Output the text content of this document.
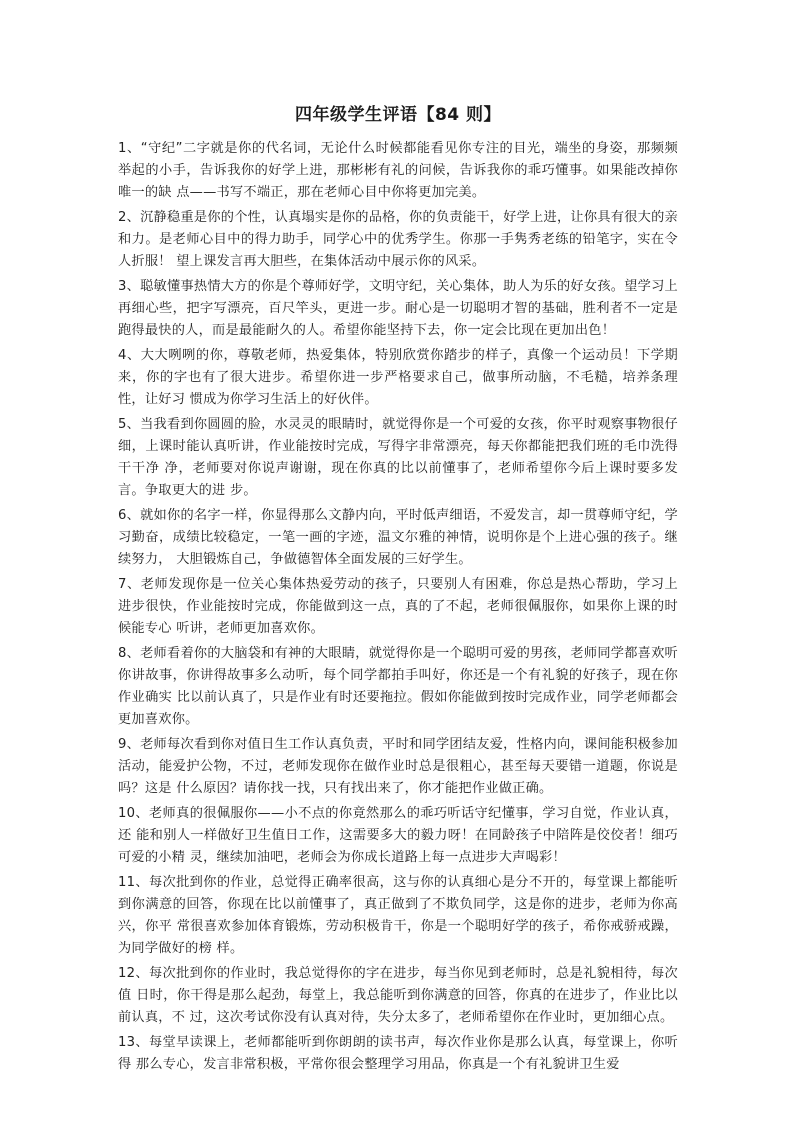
四年级学生评语【84 则】

1、“守纪”二字就是你的代名词，无论什么时候都能看见你专注的目光，端坐的身姿，那频频 举起的小手，告诉我你的好学上进，那彬彬有礼的问候，告诉我你的乖巧懂事。如果能改掉你唯一的缺 点——书写不端正，那在老师心目中你将更加完美。

2、沉静稳重是你的个性，认真塌实是你的品格，你的负责能干，好学上进，让你具有很大的亲 和力。是老师心目中的得力助手，同学心中的优秀学生。你那一手隽秀老练的铅笔字，实在令人折服！ 望上课发言再大胆些，在集体活动中展示你的风采。

3、聪敏懂事热情大方的你是个尊师好学，文明守纪，关心集体，助人为乐的好女孩。望学习上 再细心些，把字写漂亮，百尺竿头，更进一步。耐心是一切聪明才智的基础，胜利者不一定是跑得最快的人，而是最能耐久的人。希望你能坚持下去，你一定会比现在更加出色！

4、大大咧咧的你，尊敬老师，热爱集体，特别欣赏你踏步的样子，真像一个运动员！下学期 来，你的字也有了很大进步。希望你进一步严格要求自己，做事所动脑，不毛糙，培养条理性，让好习 惯成为你学习生活上的好伙伴。

5、当我看到你圆圆的脸，水灵灵的眼睛时，就觉得你是一个可爱的女孩，你平时观察事物很仔 细，上课时能认真听讲，作业能按时完成，写得字非常漂亮，每天你都能把我们班的毛巾洗得干干净 净，老师要对你说声谢谢，现在你真的比以前懂事了，老师希望你今后上课时要多发言。争取更大的进 步。

6、就如你的名字一样，你显得那么文静内向，平时低声细语，不爱发言，却一贯尊师守纪，学 习勤奋，成绩比较稳定，一笔一画的字迹，温文尔雅的神情，说明你是个上进心强的孩子。继续努力， 大胆锻炼自己，争做德智体全面发展的三好学生。

7、老师发现你是一位关心集体热爱劳动的孩子，只要别人有困难，你总是热心帮助，学习上 进步很快，作业能按时完成，你能做到这一点，真的了不起，老师很佩服你，如果你上课的时候能专心 听讲，老师更加喜欢你。

8、老师看着你的大脑袋和有神的大眼睛，就觉得你是一个聪明可爱的男孩，老师同学都喜欢听 你讲故事，你讲得故事多么动听，每个同学都拍手叫好，你还是一个有礼貌的好孩子，现在你作业确实 比以前认真了，只是作业有时还要拖拉。假如你能做到按时完成作业，同学老师都会更加喜欢你。

9、老师每次看到你对值日生工作认真负责，平时和同学团结友爱，性格内向，课间能积极参加 活动，能爱护公物，不过，老师发现你在做作业时总是很粗心，甚至每天要错一道题，你说是吗？这是 什么原因？请你找一找，只有找出来了，你才能把作业做正确。

10、老师真的很佩服你——小不点的你竟然那么的乖巧听话守纪懂事，学习自觉，作业认真，还 能和别人一样做好卫生值日工作，这需要多大的毅力呀！在同龄孩子中陪阵是佼佼者！细巧可爱的小精 灵，继续加油吧，老师会为你成长道路上每一点进步大声喝彩！

11、每次批到你的作业，总觉得正确率很高，这与你的认真细心是分不开的，每堂课上都能听 到你满意的回答，你现在比以前懂事了，真正做到了不欺负同学，这是你的进步，老师为你高兴，你平 常很喜欢参加体育锻炼，劳动积极肯干，你是一个聪明好学的孩子，希你戒骄戒躁，为同学做好的榜 样。

12、每次批到你的作业时，我总觉得你的字在进步，每当你见到老师时，总是礼貌相待，每次值 日时，你干得是那么起劲，每堂上，我总能听到你满意的回答，你真的在进步了，作业比以前认真，不 过，这次考试你没有认真对待，失分太多了，老师希望你在作业时，更加细心点。

13、每堂早读课上，老师都能听到你朗朗的读书声，每次作业你是那么认真，每堂课上，你听得 那么专心，发言非常积极，平常你很会整理学习用品，你真是一个有礼貌讲卫生爱
